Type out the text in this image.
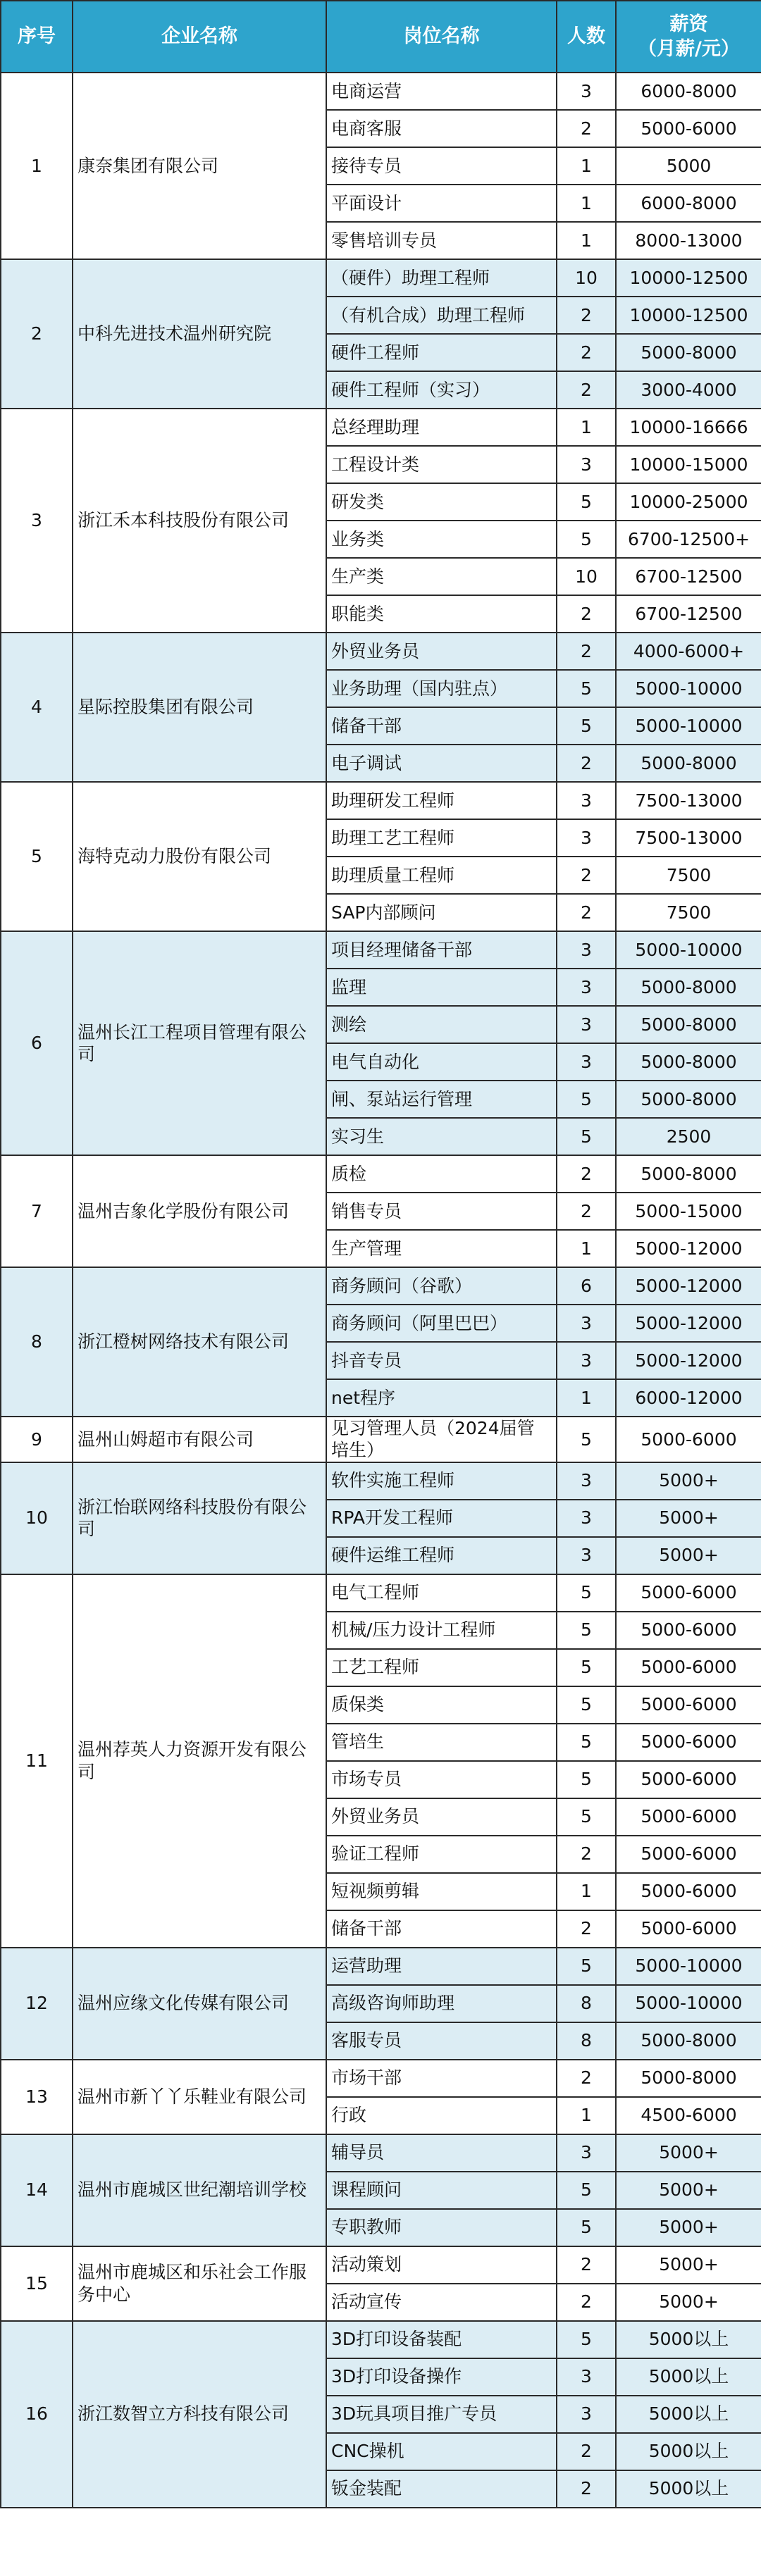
序号	企业名称	岗位名称	人数	薪资
（月薪/元）
1	康奈集团有限公司	电商运营	3	6000-8000
		电商客服	2	5000-6000
		接待专员	1	5000
		平面设计	1	6000-8000
		零售培训专员	1	8000-13000
2	中科先进技术温州研究院	（硬件）助理工程师	10	10000-12500
		（有机合成）助理工程师	2	10000-12500
		硬件工程师	2	5000-8000
		硬件工程师（实习）	2	3000-4000
3	浙江禾本科技股份有限公司	总经理助理	1	10000-16666
		工程设计类	3	10000-15000
		研发类	5	10000-25000
		业务类	5	6700-12500+
		生产类	10	6700-12500
		职能类	2	6700-12500
4	星际控股集团有限公司	外贸业务员	2	4000-6000+
		业务助理（国内驻点）	5	5000-10000
		储备干部	5	5000-10000
		电子调试	2	5000-8000
5	海特克动力股份有限公司	助理研发工程师	3	7500-13000
		助理工艺工程师	3	7500-13000
		助理质量工程师	2	7500
		SAP内部顾问	2	7500
6	温州长江工程项目管理有限公司	项目经理储备干部	3	5000-10000
		监理	3	5000-8000
		测绘	3	5000-8000
		电气自动化	3	5000-8000
		闸、泵站运行管理	5	5000-8000
		实习生	5	2500
7	温州吉象化学股份有限公司	质检	2	5000-8000
		销售专员	2	5000-15000
		生产管理	1	5000-12000
8	浙江橙树网络技术有限公司	商务顾问（谷歌）	6	5000-12000
		商务顾问（阿里巴巴）	3	5000-12000
		抖音专员	3	5000-12000
		net程序	1	6000-12000
9	温州山姆超市有限公司	见习管理人员（2024届管培生）	5	5000-6000
10	浙江怡联网络科技股份有限公司	软件实施工程师	3	5000+
		RPA开发工程师	3	5000+
		硬件运维工程师	3	5000+
11	温州荐英人力资源开发有限公司	电气工程师	5	5000-6000
		机械/压力设计工程师	5	5000-6000
		工艺工程师	5	5000-6000
		质保类	5	5000-6000
		管培生	5	5000-6000
		市场专员	5	5000-6000
		外贸业务员	5	5000-6000
		验证工程师	2	5000-6000
		短视频剪辑	1	5000-6000
		储备干部	2	5000-6000
12	温州应缘文化传媒有限公司	运营助理	5	5000-10000
		高级咨询师助理	8	5000-10000
		客服专员	8	5000-8000
13	温州市新丫丫乐鞋业有限公司	市场干部	2	5000-8000
		行政	1	4500-6000
14	温州市鹿城区世纪潮培训学校	辅导员	3	5000+
		课程顾问	5	5000+
		专职教师	5	5000+
15	温州市鹿城区和乐社会工作服务中心	活动策划	2	5000+
		活动宣传	2	5000+
16	浙江数智立方科技有限公司	3D打印设备装配	5	5000以上
		3D打印设备操作	3	5000以上
		3D玩具项目推广专员	3	5000以上
		CNC操机	2	5000以上
		钣金装配	2	5000以上
